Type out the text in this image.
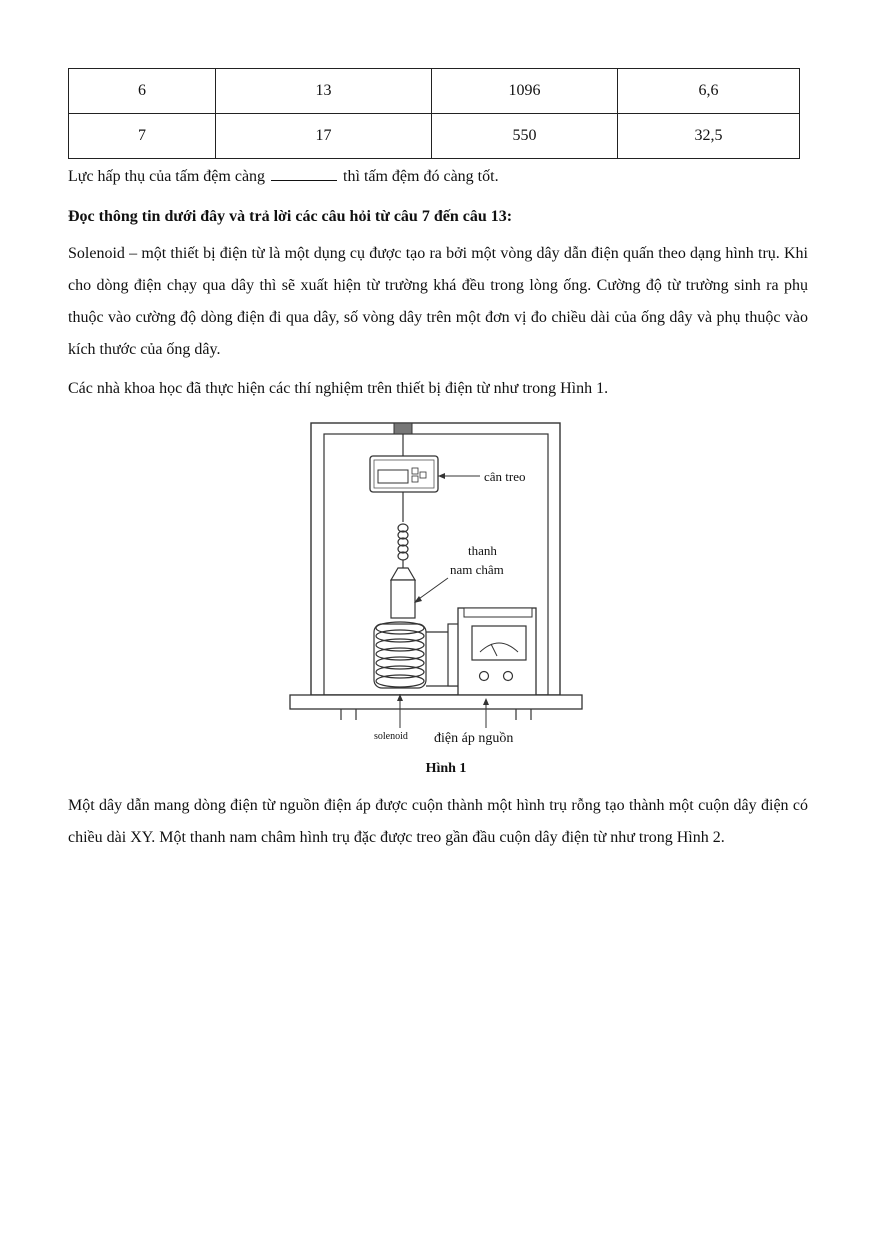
6	13	1096	6,6
7	17	550	32,5
Lực hấp thụ của tấm đệm càng	thì tấm đệm đó càng tốt.
Đọc thông tin dưới đây và trả lời các câu hỏi từ câu 7 đến câu 13:
Solenoid – một thiết bị điện từ là một dụng cụ được tạo ra bởi một vòng dây dẫn điện quấn theo dạng hình trụ. Khi cho dòng điện chạy qua dây thì sẽ xuất hiện từ trường khá đều trong lòng ống. Cường độ từ trường sinh ra phụ thuộc vào cường độ dòng điện đi qua dây, số vòng dây trên một đơn vị đo chiều dài của ống dây và phụ thuộc vào kích thước của ống dây.
Các nhà khoa học đã thực hiện các thí nghiệm trên thiết bị điện từ như trong Hình 1.
cân treo
thanh
nam châm
solenoid điện áp nguồn
Hình 1
Một dây dẫn mang dòng điện từ nguồn điện áp được cuộn thành một hình trụ rỗng tạo thành một cuộn dây điện có chiều dài XY. Một thanh nam châm hình trụ đặc được treo gần đầu cuộn dây điện từ như trong Hình 2.
